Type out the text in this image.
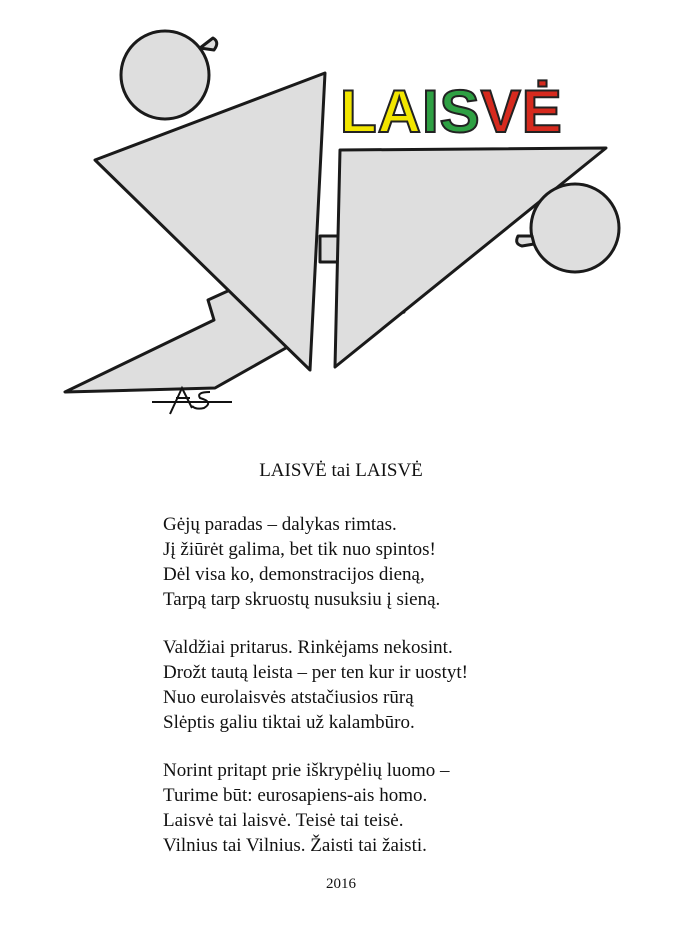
AS
LAISVĖ
LAISVĖ tai LAISVĖ
Gėjų paradas – dalykas rimtas.
Jį žiūrėt galima, bet tik nuo spintos!
Dėl visa ko, demonstracijos dieną,
Tarpą tarp skruostų nusuksiu į sieną.
Valdžiai pritarus. Rinkėjams nekosint.
Drožt tautą leista – per ten kur ir uostyt!
Nuo eurolaisvės atstačiusios rūrą
Slėptis galiu tiktai už kalambūro.
Norint pritapt prie iškrypėlių luomo –
Turime būt: eurosapiens-ais homo.
Laisvė tai laisvė. Teisė tai teisė.
Vilnius tai Vilnius. Žaisti tai žaisti.
2016
